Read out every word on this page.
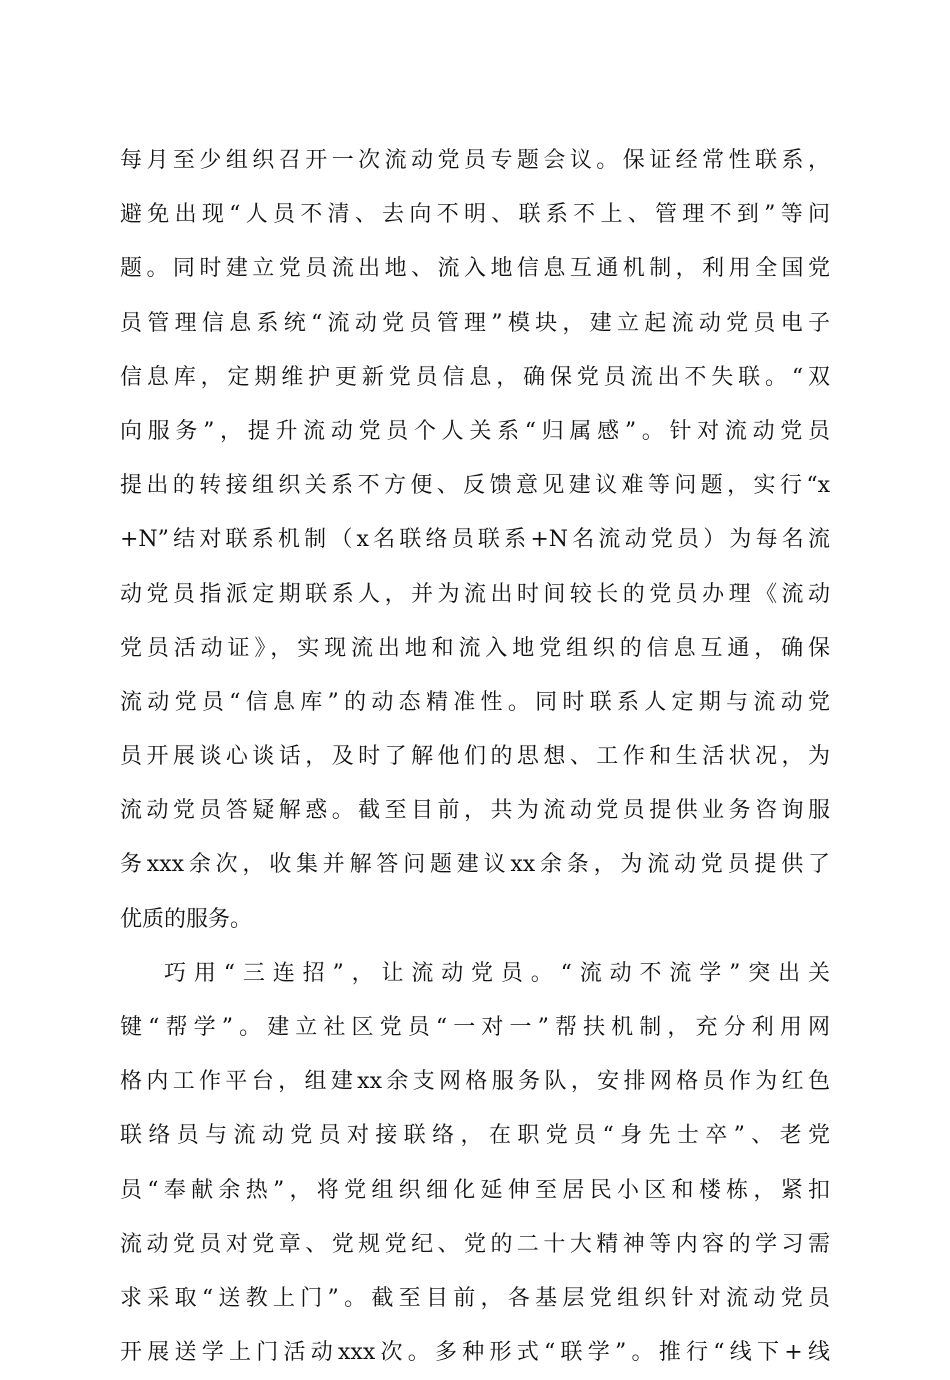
每月至少组织召开一次流动党员专题会议。保证经常性联系，
避免出现“人员不清、去向不明、联系不上、管理不到”等问
题。同时建立党员流出地、流入地信息互通机制，利用全国党
员管理信息系统“流动党员管理”模块，建立起流动党员电子
信息库，定期维护更新党员信息，确保党员流出不失联。“双
向服务”，提升流动党员个人关系“归属感”。针对流动党员
提出的转接组织关系不方便、反馈意见建议难等问题，实行“x
+N”结对联系机制（x名联络员联系+N名流动党员）为每名流
动党员指派定期联系人，并为流出时间较长的党员办理《流动
党员活动证》，实现流出地和流入地党组织的信息互通，确保
流动党员“信息库”的动态精准性。同时联系人定期与流动党
员开展谈心谈话，及时了解他们的思想、工作和生活状况，为
流动党员答疑解惑。截至目前，共为流动党员提供业务咨询服
务xxx余次，收集并解答问题建议xx余条，为流动党员提供了
优质的服务。
巧用“三连招”，让流动党员。“流动不流学”突出关
键“帮学”。建立社区党员“一对一”帮扶机制，充分利用网
格内工作平台，组建xx余支网格服务队，安排网格员作为红色
联络员与流动党员对接联络，在职党员“身先士卒”、老党
员“奉献余热”，将党组织细化延伸至居民小区和楼栋，紧扣
流动党员对党章、党规党纪、党的二十大精神等内容的学习需
求采取“送教上门”。截至目前，各基层党组织针对流动党员
开展送学上门活动xxx次。多种形式“联学”。推行“线下+线
